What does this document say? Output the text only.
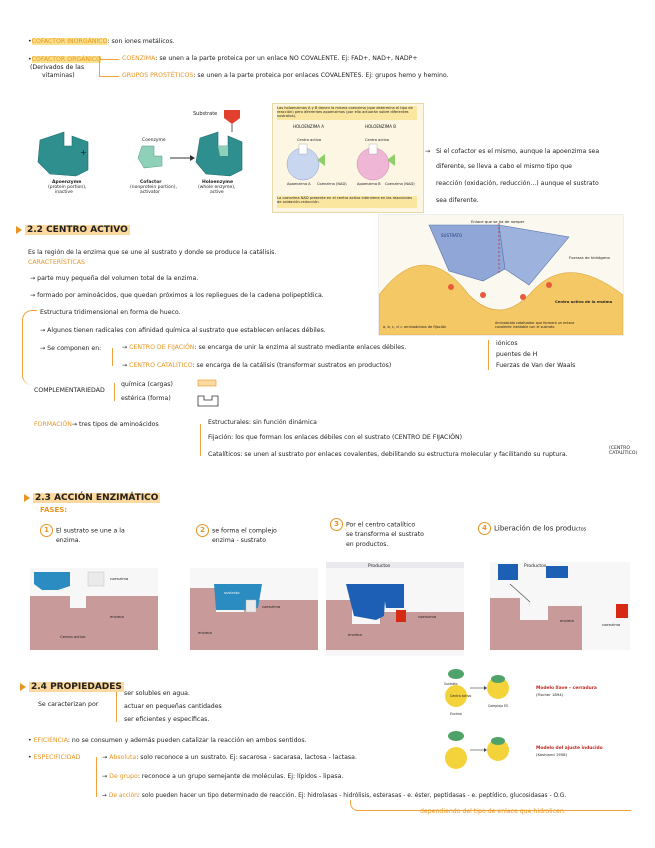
•COFACTOR INORGÁNICO: son iones metálicos.
•COFACTOR ORGÁNICO
(Derivados de las
vitaminas)
COENZIMA: se unen a la parte proteica por un enlace NO COVALENTE. Ej: FAD+, NAD+, NADP+
GRUPOS PROSTÉTICOS: se unen a la parte proteica por enlaces COVALENTES. Ej: grupos hemo y hemino.
Substrate
+
Coenzyme
Apoenzyme
(protein portion),
inactive
Cofactor
(nonprotein portion),
activator
Holoenzyme
(whole enzyme),
active
Las holoenzimas A y B tienen la misma coenzima (que determina el tipo de reacción) pero diferentes apoenzimas (por ello actuarán sobre diferentes sustratos).
HOLOENZIMA A	HOLOENZIMA B
Centro activo	Centro activo
Apoenzima A Coenzima (NAD)	Apoenzima B Coenzima (NAD)
La coenzima NAD presente en el centro activo interviene en las reacciones de oxidación-reducción
→ Si el cofactor es el mismo, aunque la apoenzima sea
diferente, se lleva a cabo el mismo tipo que
reacción (oxidación, reducción...) aunque el sustrato
sea diferente.
2.2 CENTRO ACTIVO
Es la región de la enzima que se une al sustrato y donde se produce la catálisis.
CARACTERÍSTICAS
→ parte muy pequeña del volumen total de la enzima.
→ formado por aminoácidos, que quedan próximos a los repliegues de la cadena polipeptídica.
Estructura tridimensional en forma de hueco.
→ Algunos tienen radicales con afinidad química al sustrato que establecen enlaces débiles.
→ Se componen en:	→ CENTRO DE FIJACIÓN: se encarga de unir la enzima al sustrato mediante enlaces débiles.
→ CENTRO CATALÍTICO: se encarga de la catálisis (transformar sustratos en productos)
iónicos
puentes de H
Fuerzas de Van der Waals
COMPLEMENTARIEDAD
química (cargas)
estérica (forma)
FORMACIÓN→ tres tipos de aminoácidos	Estructurales: sin función dinámica
Fijación: los que forman los enlaces débiles con el sustrato (CENTRO DE FIJACIÓN)
Catalíticos: se unen al sustrato por enlaces covalentes, debilitando su estructura molecular y facilitando su ruptura.
(CENTRO
CATALÍTICO)
Enlace que se ha de romper
SUSTRATO
Fuerzas de hidrógeno
Centro activo de la enzima
a, b, c, d = aminoácidos de fijación
Aminoácido catalizador que formará un enlace covalente inestable con el sustrato
2.3 ACCIÓN ENZIMÁTICO
FASES:
1 El sustrato se une a la
enzima.
2 se forma el complejo
enzima - sustrato
3 Por el centro catalítico
se transforma el sustrato
en productos.
4 Liberación de los productos
coenzima
Centro activo
enzima
sustrato
coenzima
enzima
Productos
coenzima
enzima
Productos
enzima
coenzima
2.4 PROPIEDADES
Se caracterizan por
ser solubles en agua.
actuar en pequeñas cantidades
ser eficientes y específicas.
• EFICIENCIA: no se consumen y además pueden catalizar la reacción en ambos sentidos.
• ESPECIFICIDAD	→ Absoluta: solo reconoce a un sustrato. Ej: sacarosa - sacarasa, lactosa - lactasa.
→ De grupo: reconoce a un grupo semejante de moléculas. Ej: lípidos - lipasa.
→ De acción: solo pueden hacer un tipo determinado de reacción. Ej: hidrolasas - hidrólisis, esterasas - e. éster, peptidasas - e. peptídico, glucosidasas - O.G.
dependiendo del tipo de enlace que hidrolicen.
Sustrato
Centro activo
Enzima
Complejo ES
Modelo llave – cerradura
(Fischer 1894)
Modelo del ajuste inducido
(Koshland 1958)
